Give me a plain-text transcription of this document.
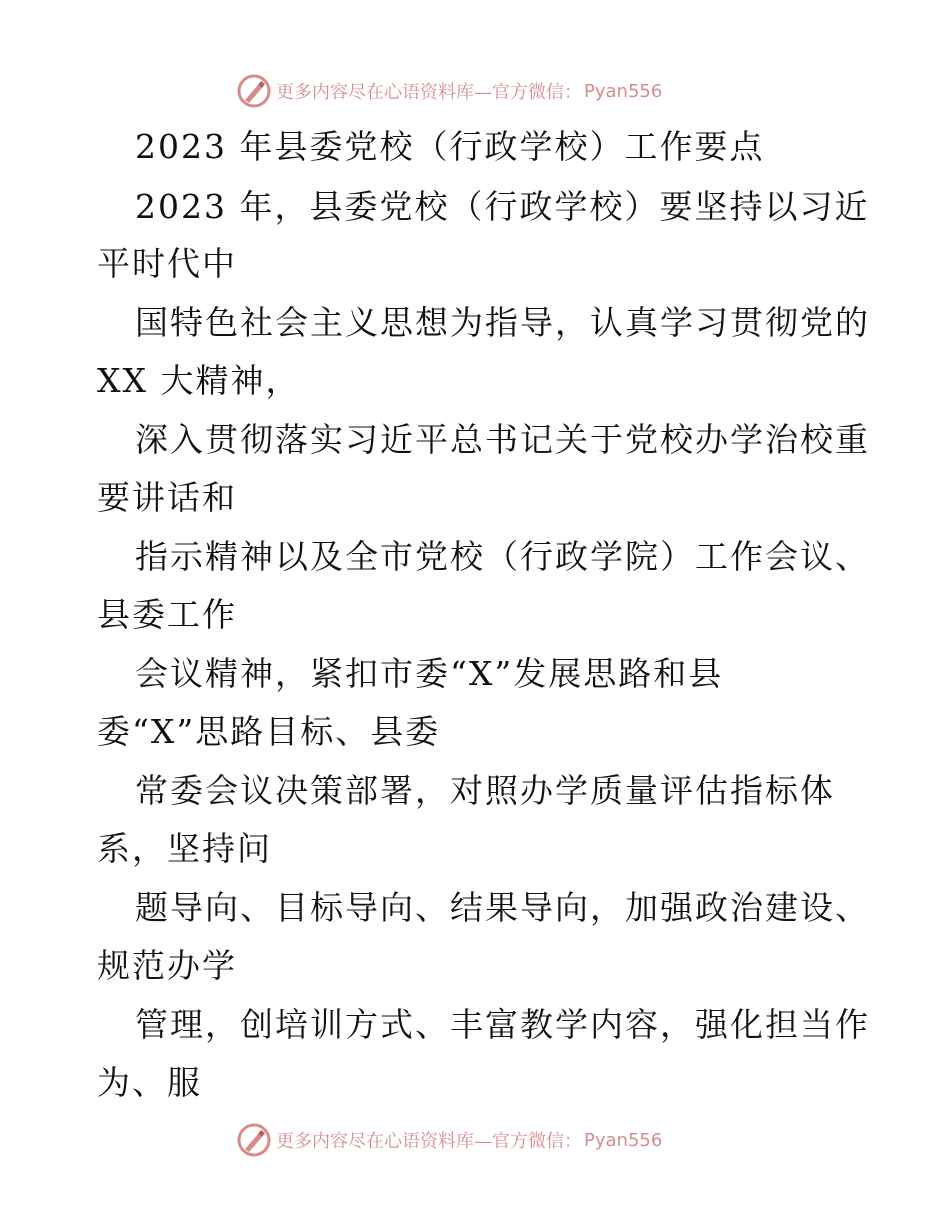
更多内容尽在心语资料库—官方微信： Pyan556
2023 年县委党校（行政学校）工作要点
2023 年，县委党校（行政学校）要坚持以习近
平时代中
国特色社会主义思想为指导，认真学习贯彻党的
XX 大精神，
深入贯彻落实习近平总书记关于党校办学治校重
要讲话和
指示精神以及全市党校（行政学院）工作会议、
县委工作
会议精神，紧扣市委“X”发展思路和县
委“X”思路目标、县委
常委会议决策部署，对照办学质量评估指标体
系，坚持问
题导向、目标导向、结果导向，加强政治建设、
规范办学
管理，创培训方式、丰富教学内容，强化担当作
为、服
更多内容尽在心语资料库—官方微信： Pyan556
